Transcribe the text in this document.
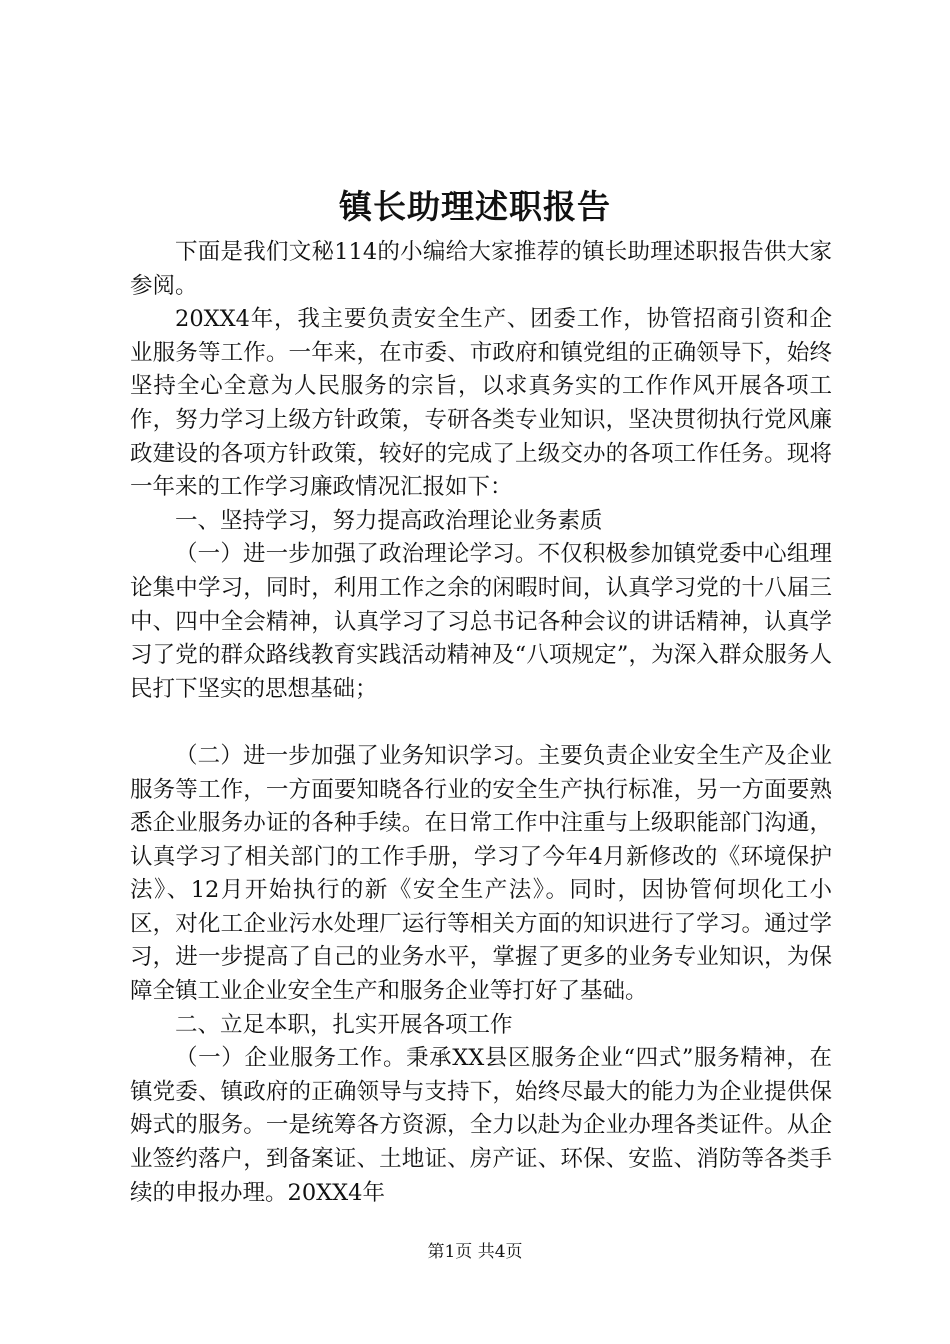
镇长助理述职报告

下面是我们文秘114的小编给大家推荐的镇长助理述职报告供大家参阅。

20XX4年，我主要负责安全生产、团委工作，协管招商引资和企业服务等工作。一年来，在市委、市政府和镇党组的正确领导下，始终坚持全心全意为人民服务的宗旨，以求真务实的工作作风开展各项工作，努力学习上级方针政策，专研各类专业知识，坚决贯彻执行党风廉政建设的各项方针政策，较好的完成了上级交办的各项工作任务。现将一年来的工作学习廉政情况汇报如下：

一、坚持学习，努力提高政治理论业务素质

（一）进一步加强了政治理论学习。不仅积极参加镇党委中心组理论集中学习，同时，利用工作之余的闲暇时间，认真学习党的十八届三中、四中全会精神，认真学习了习总书记各种会议的讲话精神，认真学习了党的群众路线教育实践活动精神及“八项规定”，为深入群众服务人民打下坚实的思想基础；

（二）进一步加强了业务知识学习。主要负责企业安全生产及企业服务等工作，一方面要知晓各行业的安全生产执行标准，另一方面要熟悉企业服务办证的各种手续。在日常工作中注重与上级职能部门沟通，认真学习了相关部门的工作手册，学习了今年4月新修改的《环境保护法》、12月开始执行的新《安全生产法》。同时，因协管何坝化工小区，对化工企业污水处理厂运行等相关方面的知识进行了学习。通过学习，进一步提高了自己的业务水平，掌握了更多的业务专业知识，为保障全镇工业企业安全生产和服务企业等打好了基础。

二、立足本职，扎实开展各项工作

（一）企业服务工作。秉承XX县区服务企业“四式”服务精神，在镇党委、镇政府的正确领导与支持下，始终尽最大的能力为企业提供保姆式的服务。一是统筹各方资源，全力以赴为企业办理各类证件。从企业签约落户，到备案证、土地证、房产证、环保、安监、消防等各类手续的申报办理。20XX4年

第1页 共4页
